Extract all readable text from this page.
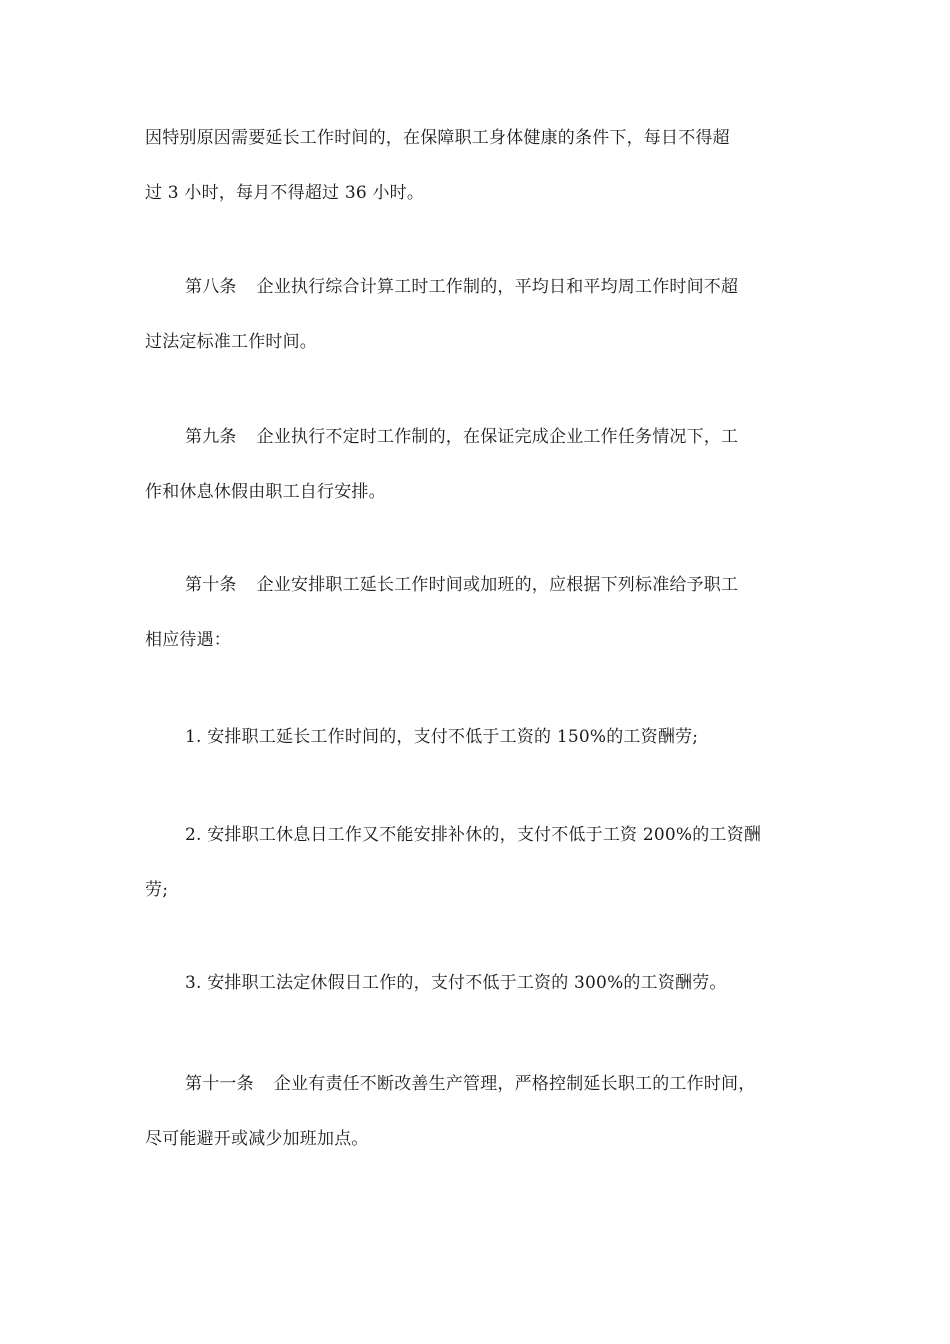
因特别原因需要延长工作时间的，在保障职工身体健康的条件下，每日不得超
过 3 小时，每月不得超过 36 小时。

第八条 企业执行综合计算工时工作制的，平均日和平均周工作时间不超
过法定标准工作时间。

第九条 企业执行不定时工作制的，在保证完成企业工作任务情况下，工
作和休息休假由职工自行安排。

第十条 企业安排职工延长工作时间或加班的，应根据下列标准给予职工
相应待遇：

1. 安排职工延长工作时间的，支付不低于工资的 150%的工资酬劳;

2. 安排职工休息日工作又不能安排补休的，支付不低于工资 200%的工资酬
劳;

3. 安排职工法定休假日工作的，支付不低于工资的 300%的工资酬劳。

第十一条 企业有责任不断改善生产管理，严格控制延长职工的工作时间，
尽可能避开或减少加班加点。
